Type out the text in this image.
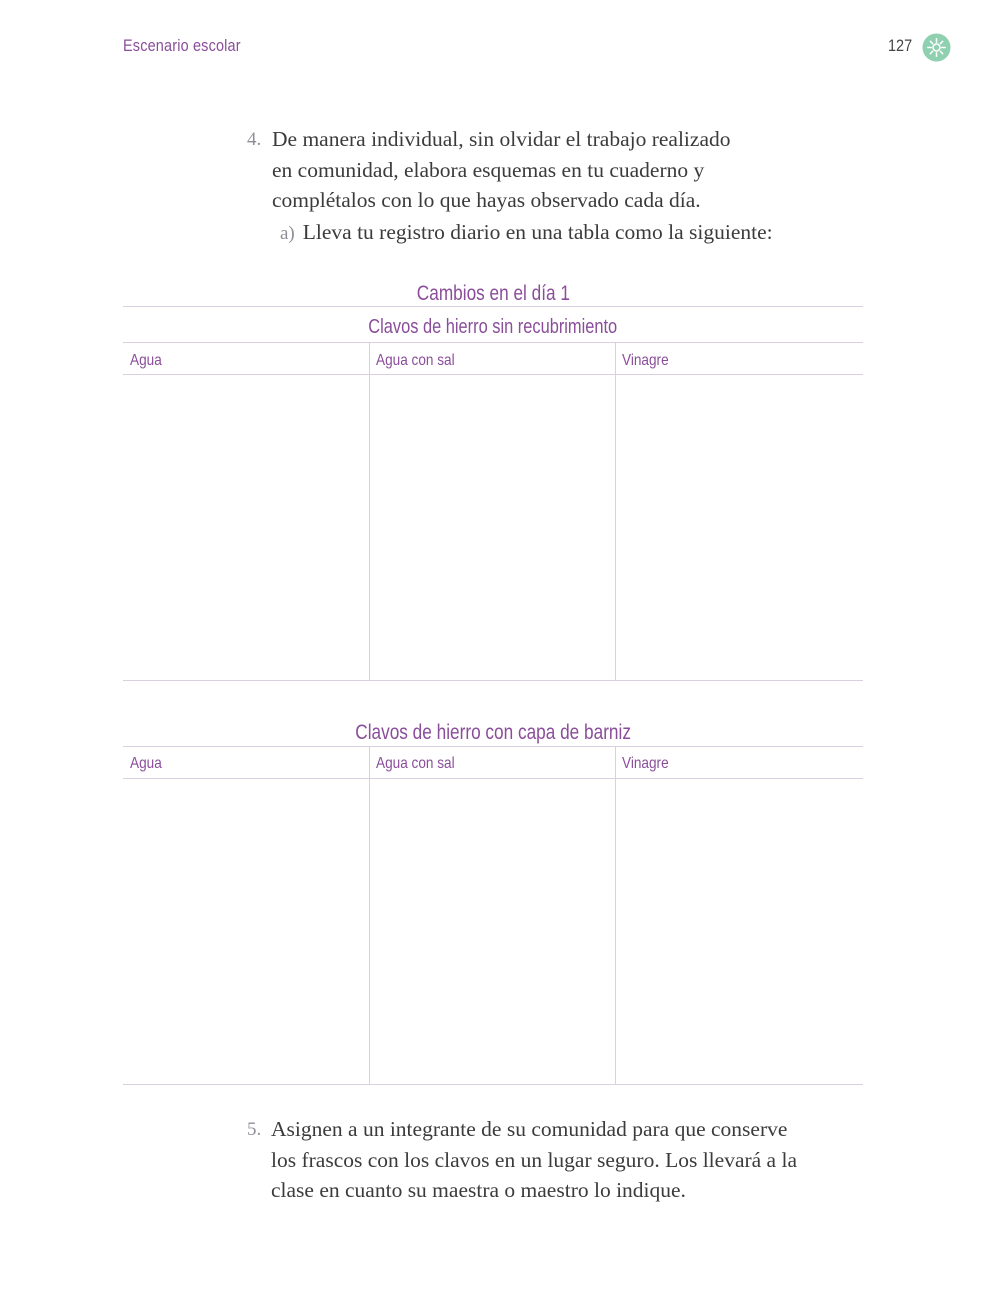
Escenario escolar	127
4. De manera individual, sin olvidar el trabajo realizado
en comunidad, elabora esquemas en tu cuaderno y
complétalos con lo que hayas observado cada día.
a) Lleva tu registro diario en una tabla como la siguiente:
Cambios en el día 1
Clavos de hierro sin recubrimiento
Agua	Agua con sal	Vinagre
Clavos de hierro con capa de barniz
Agua	Agua con sal	Vinagre
5. Asignen a un integrante de su comunidad para que conserve
los frascos con los clavos en un lugar seguro. Los llevará a la
clase en cuanto su maestra o maestro lo indique.
